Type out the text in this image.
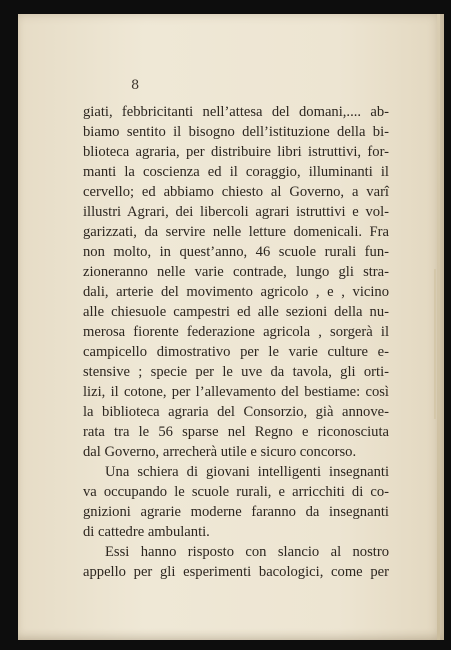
8
giati, febbricitanti nell’attesa del domani,.... ab-
biamo sentito il bisogno dell’istituzione della bi-
blioteca agraria, per distribuire libri istruttivi, for-
manti la coscienza ed il coraggio, illuminanti il
cervello; ed abbiamo chiesto al Governo, a varî
illustri Agrari, dei libercoli agrari istruttivi e vol-
garizzati, da servire nelle letture domenicali. Fra
non molto, in quest’anno, 46 scuole rurali fun-
zioneranno nelle varie contrade, lungo gli stra-
dali, arterie del movimento agricolo , e , vicino
alle chiesuole campestri ed alle sezioni della nu-
merosa fiorente federazione agricola , sorgerà il
campicello dimostrativo per le varie culture e-
stensive ; specie per le uve da tavola, gli orti-
lizi, il cotone, per l’allevamento del bestiame: così
la biblioteca agraria del Consorzio, già annove-
rata tra le 56 sparse nel Regno e riconosciuta
dal Governo, arrecherà utile e sicuro concorso.
Una schiera di giovani intelligenti insegnanti
va occupando le scuole rurali, e arricchiti di co-
gnizioni agrarie moderne faranno da insegnanti
di cattedre ambulanti.
Essi hanno risposto con slancio al nostro
appello per gli esperimenti bacologici, come per
